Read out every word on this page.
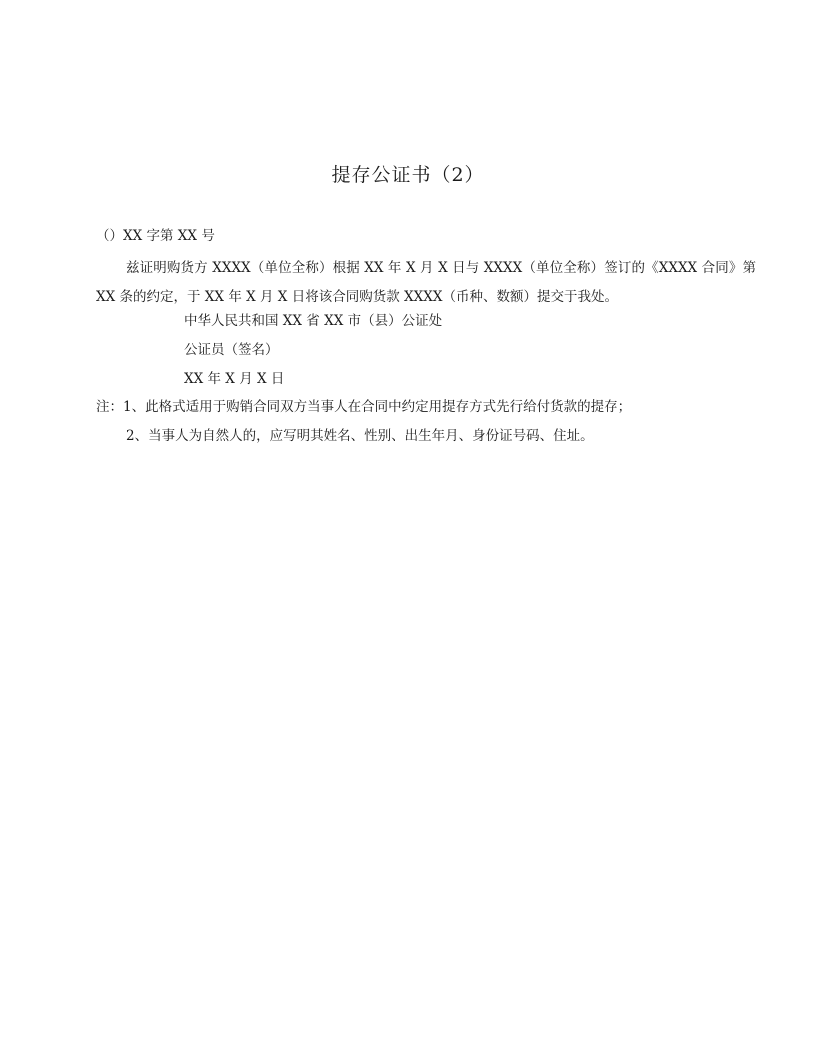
提存公证书（2）
（）XX 字第 XX 号
兹证明购货方 XXXX（单位全称）根据 XX 年 X 月 X 日与 XXXX（单位全称）签订的《XXXX 合同》第 XX 条的约定，于 XX 年 X 月 X 日将该合同购货款 XXXX（币种、数额）提交于我处。
中华人民共和国 XX 省 XX 市（县）公证处
公证员（签名）
XX 年 X 月 X 日
注：1、此格式适用于购销合同双方当事人在合同中约定用提存方式先行给付货款的提存；
2、当事人为自然人的，应写明其姓名、性别、出生年月、身份证号码、住址。
